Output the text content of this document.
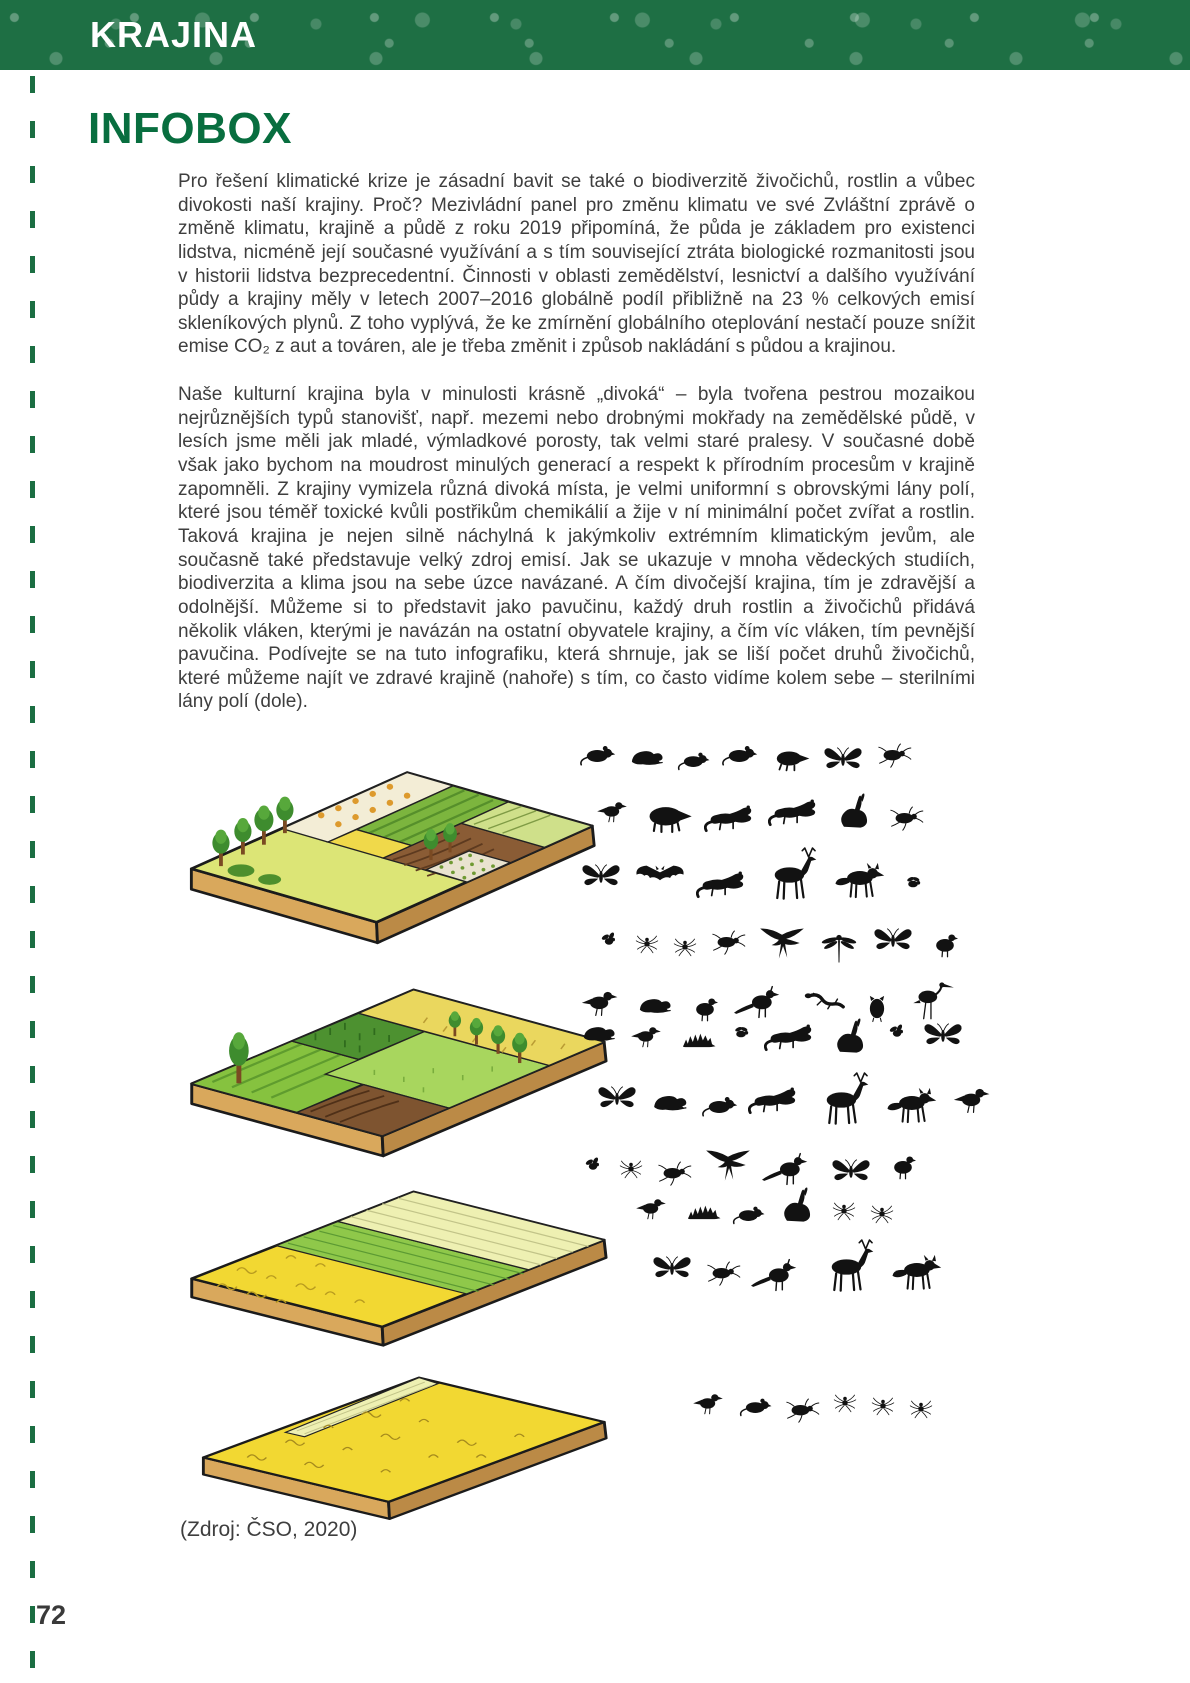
KRAJINA
INFOBOX

Pro řešení klimatické krize je zásadní bavit se také o biodiverzitě živočichů, rostlin a vůbec divokosti naší krajiny. Proč? Mezivládní panel pro změnu klimatu ve své Zvláštní zprávě o změně klimatu, krajině a půdě z roku 2019 připomíná, že půda je základem pro existenci lidstva, nicméně její současné využívání a s tím související ztráta biologické rozmanitosti jsou v historii lidstva bezprecedentní. Činnosti v oblasti zemědělství, lesnictví a dalšího využívání půdy a krajiny měly v letech 2007–2016 globálně podíl přibližně na 23 % celkových emisí skleníkových plynů. Z toho vyplývá, že ke zmírnění globálního oteplování nestačí pouze snížit emise CO₂ z aut a továren, ale je třeba změnit i způsob nakládání s půdou a krajinou.

Naše kulturní krajina byla v minulosti krásně „divoká“ – byla tvořena pestrou mozaikou nejrůznějších typů stanovišť, např. mezemi nebo drobnými mokřady na zemědělské půdě, v lesích jsme měli jak mladé, výmladkové porosty, tak velmi staré pralesy. V současné době však jako bychom na moudrost minulých generací a respekt k přírodním procesům v krajině zapomněli. Z krajiny vymizela různá divoká místa, je velmi uniformní s obrovskými lány polí, které jsou téměř toxické kvůli postřikům chemikálií a žije v ní minimální počet zvířat a rostlin. Taková krajina je nejen silně náchylná k jakýmkoliv extrémním klimatickým jevům, ale současně také představuje velký zdroj emisí. Jak se ukazuje v mnoha vědeckých studiích, biodiverzita a klima jsou na sebe úzce navázané. A čím divočejší krajina, tím je zdravější a odolnější. Můžeme si to představit jako pavučinu, každý druh rostlin a živočichů přidává několik vláken, kterými je navázán na ostatní obyvatele krajiny, a čím víc vláken, tím pevnější pavučina. Podívejte se na tuto infografiku, která shrnuje, jak se liší počet druhů živočichů, které můžeme najít ve zdravé krajině (nahoře) s tím, co často vidíme kolem sebe – sterilními lány polí (dole).

(Zdroj: ČSO, 2020)
72
